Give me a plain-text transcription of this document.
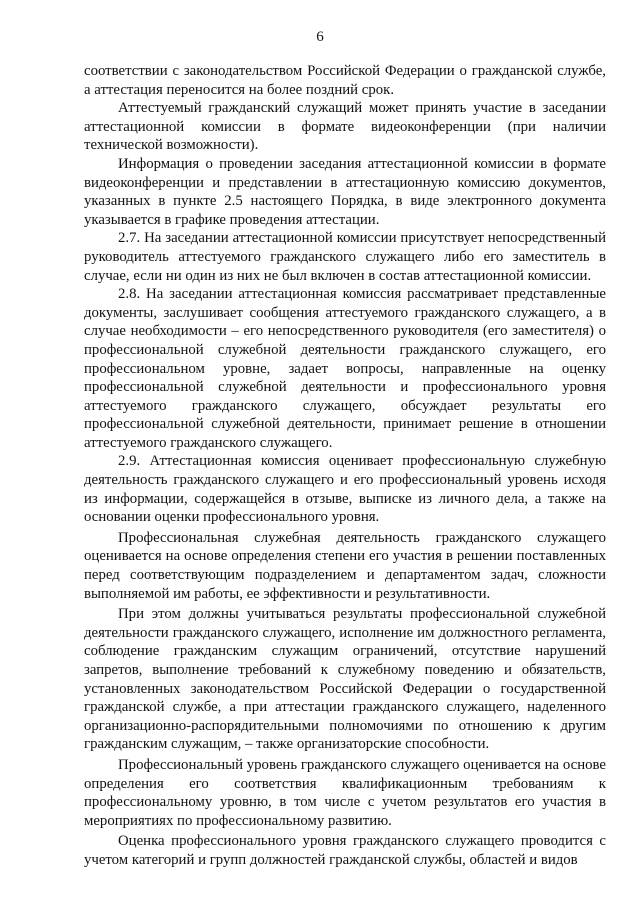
6

соответствии с законодательством Российской Федерации о гражданской службе, а аттестация переносится на более поздний срок.

Аттестуемый гражданский служащий может принять участие в заседании аттестационной комиссии в формате видеоконференции (при наличии технической возможности).

Информация о проведении заседания аттестационной комиссии в формате видеоконференции и представлении в аттестационную комиссию документов, указанных в пункте 2.5 настоящего Порядка, в виде электронного документа указывается в графике проведения аттестации.

2.7. На заседании аттестационной комиссии присутствует непосредственный руководитель аттестуемого гражданского служащего либо его заместитель в случае, если ни один из них не был включен в состав аттестационной комиссии.

2.8. На заседании аттестационная комиссия рассматривает представленные документы, заслушивает сообщения аттестуемого гражданского служащего, а в случае необходимости – его непосредственного руководителя (его заместителя) о профессиональной служебной деятельности гражданского служащего, его профессиональном уровне, задает вопросы, направленные на оценку профессиональной служебной деятельности и профессионального уровня аттестуемого гражданского служащего, обсуждает результаты его профессиональной служебной деятельности, принимает решение в отношении аттестуемого гражданского служащего.

2.9. Аттестационная комиссия оценивает профессиональную служебную деятельность гражданского служащего и его профессиональный уровень исходя из информации, содержащейся в отзыве, выписке из личного дела, а также на основании оценки профессионального уровня.

Профессиональная служебная деятельность гражданского служащего оценивается на основе определения степени его участия в решении поставленных перед соответствующим подразделением и департаментом задач, сложности выполняемой им работы, ее эффективности и результативности.

При этом должны учитываться результаты профессиональной служебной деятельности гражданского служащего, исполнение им должностного регламента, соблюдение гражданским служащим ограничений, отсутствие нарушений запретов, выполнение требований к служебному поведению и обязательств, установленных законодательством Российской Федерации о государственной гражданской службе, а при аттестации гражданского служащего, наделенного организационно-распорядительными полномочиями по отношению к другим гражданским служащим, – также организаторские способности.

Профессиональный уровень гражданского служащего оценивается на основе определения его соответствия квалификационным требованиям к профессиональному уровню, в том числе с учетом результатов его участия в мероприятиях по профессиональному развитию.

Оценка профессионального уровня гражданского служащего проводится с учетом категорий и групп должностей гражданской службы, областей и видов
